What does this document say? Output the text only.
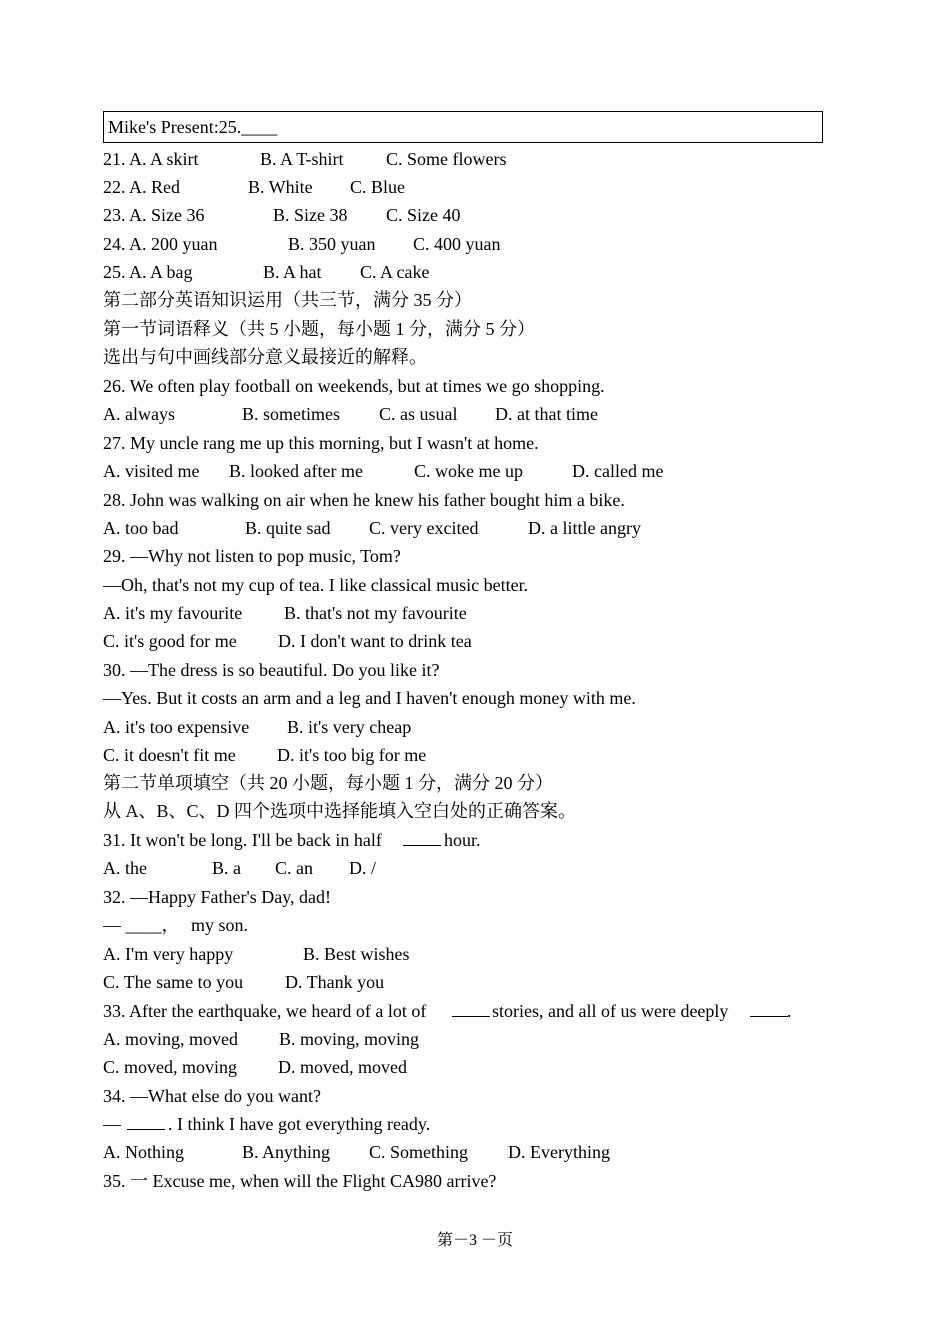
Mike's Present:25.____
21. A. A skirt	B. A T-shirt C. Some flowers
22. A. Red	B. White C. Blue
23. A. Size 36	B. Size 38 C. Size 40
24. A. 200 yuan	B. 350 yuan C. 400 yuan
25. A. A bag	B. A hat C. A cake
第二部分英语知识运用（共三节，满分 35 分）
第一节词语释义（共 5 小题，每小题 1 分，满分 5 分）
选出与句中画线部分意义最接近的解释。
26. We often play football on weekends, but at times we go shopping.
A. always	B. sometimes C. as usual D. at that time
27. My uncle rang me up this morning, but I wasn't at home.
A. visited me B. looked after me	C. woke me up	D. called me
28. John was walking on air when he knew his father bought him a bike.
A. too bad	B. quite sad C. very excited	D. a little angry
29. —Why not listen to pop music, Tom?
—Oh, that's not my cup of tea. I like classical music better.
A. it's my favourite B. that's not my favourite
C. it's good for me D. I don't want to drink tea
30. —The dress is so beautiful. Do you like it?
—Yes. But it costs an arm and a leg and I haven't enough money with me.
A. it's too expensive B. it's very cheap
C. it doesn't fit me D. it's too big for me
第二节单项填空（共 20 小题，每小题 1 分，满分 20 分）
从 A、B、C、D 四个选项中选择能填入空白处的正确答案。
31. It won't be long. I'll be back in half	hour.
A. the	B. a C. an D. /
32. —Happy Father's Day, dad!
— ____， my son.
A. I'm very happy	B. Best wishes
C. The same to you D. Thank you
33. After the earthquake, we heard of a lot of	stories, and all of us were deeply	.
A. moving, moved B. moving, moving
C. moved, moving D. moved, moved
34. —What else do you want?
—	. I think I have got everything ready.
A. Nothing	B. Anything C. Something D. Everything
35. 一 Excuse me, when will the Flight CA980 arrive?
第－3 －页
